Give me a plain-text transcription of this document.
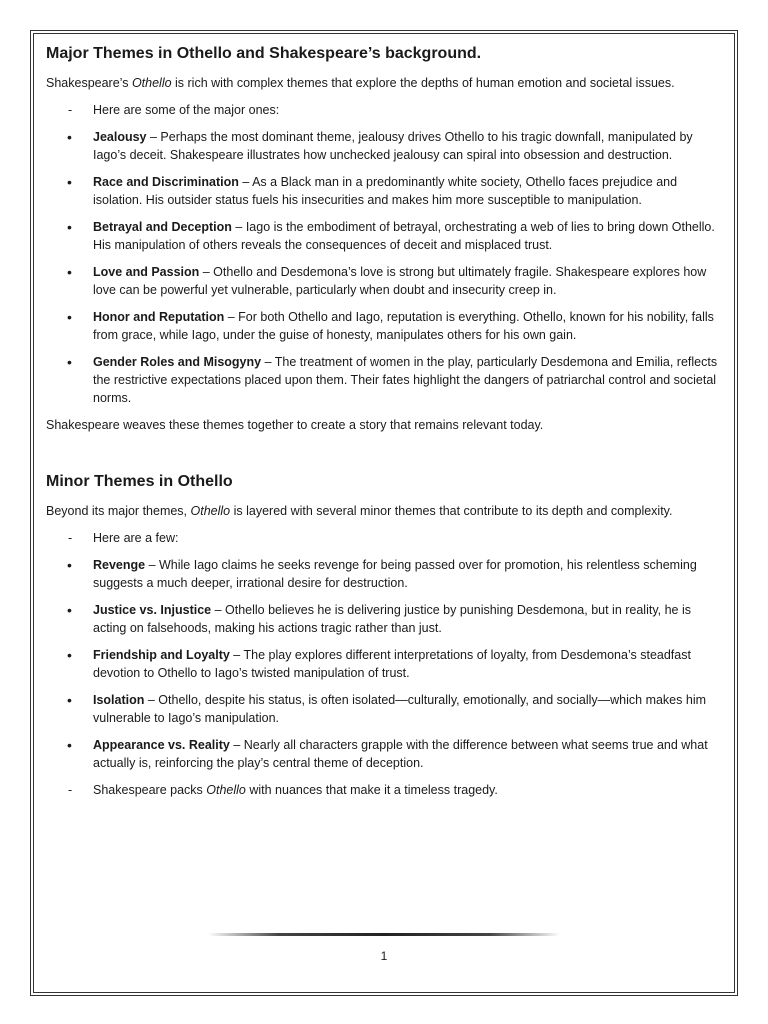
Major Themes in Othello and Shakespeare’s background.

Shakespeare’s Othello is rich with complex themes that explore the depths of human emotion and societal issues.

- Here are some of the major ones:
• Jealousy – Perhaps the most dominant theme, jealousy drives Othello to his tragic downfall, manipulated by Iago’s deceit. Shakespeare illustrates how unchecked jealousy can spiral into obsession and destruction.
• Race and Discrimination – As a Black man in a predominantly white society, Othello faces prejudice and isolation. His outsider status fuels his insecurities and makes him more susceptible to manipulation.
• Betrayal and Deception – Iago is the embodiment of betrayal, orchestrating a web of lies to bring down Othello. His manipulation of others reveals the consequences of deceit and misplaced trust.
• Love and Passion – Othello and Desdemona’s love is strong but ultimately fragile. Shakespeare explores how love can be powerful yet vulnerable, particularly when doubt and insecurity creep in.
• Honor and Reputation – For both Othello and Iago, reputation is everything. Othello, known for his nobility, falls from grace, while Iago, under the guise of honesty, manipulates others for his own gain.
• Gender Roles and Misogyny – The treatment of women in the play, particularly Desdemona and Emilia, reflects the restrictive expectations placed upon them. Their fates highlight the dangers of patriarchal control and societal norms.

Shakespeare weaves these themes together to create a story that remains relevant today.

Minor Themes in Othello

Beyond its major themes, Othello is layered with several minor themes that contribute to its depth and complexity.

- Here are a few:
• Revenge – While Iago claims he seeks revenge for being passed over for promotion, his relentless scheming suggests a much deeper, irrational desire for destruction.
• Justice vs. Injustice – Othello believes he is delivering justice by punishing Desdemona, but in reality, he is acting on falsehoods, making his actions tragic rather than just.
• Friendship and Loyalty – The play explores different interpretations of loyalty, from Desdemona’s steadfast devotion to Othello to Iago’s twisted manipulation of trust.
• Isolation – Othello, despite his status, is often isolated—culturally, emotionally, and socially—which makes him vulnerable to Iago’s manipulation.
• Appearance vs. Reality – Nearly all characters grapple with the difference between what seems true and what actually is, reinforcing the play’s central theme of deception.
- Shakespeare packs Othello with nuances that make it a timeless tragedy.
1
